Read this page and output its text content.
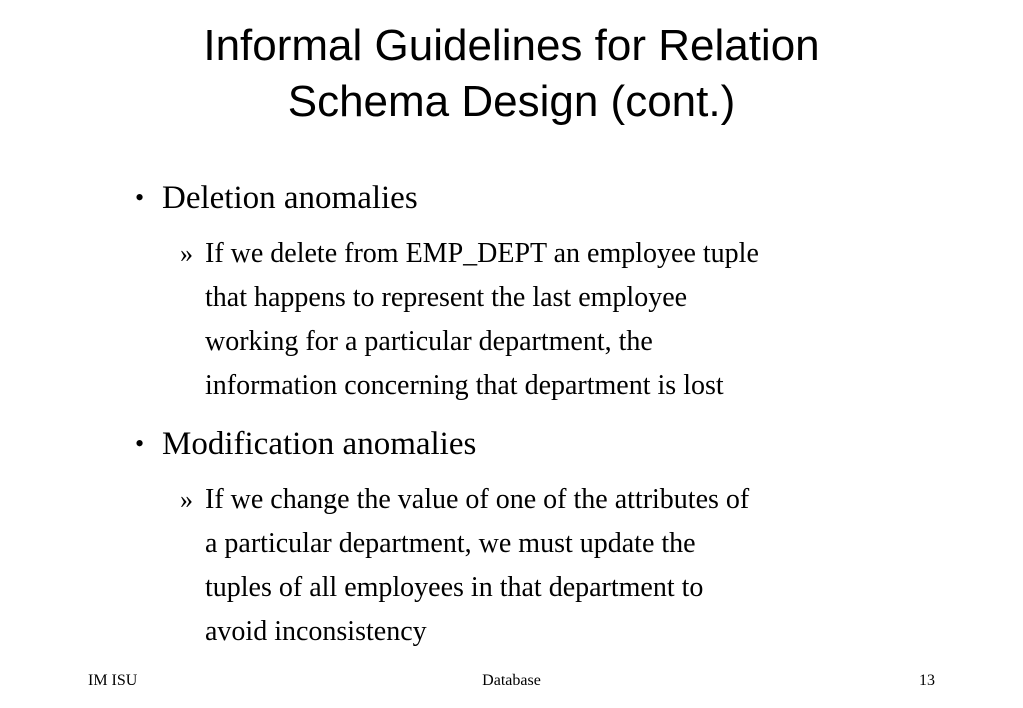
Informal Guidelines for Relation
Schema Design (cont.)
• Deletion anomalies
» If we delete from EMP_DEPT an employee tuple
that happens to represent the last employee
working for a particular department, the
information concerning that department is lost
• Modification anomalies
» If we change the value of one of the attributes of
a particular department, we must update the
tuples of all employees in that department to
avoid inconsistency
IM ISU	Database	13
